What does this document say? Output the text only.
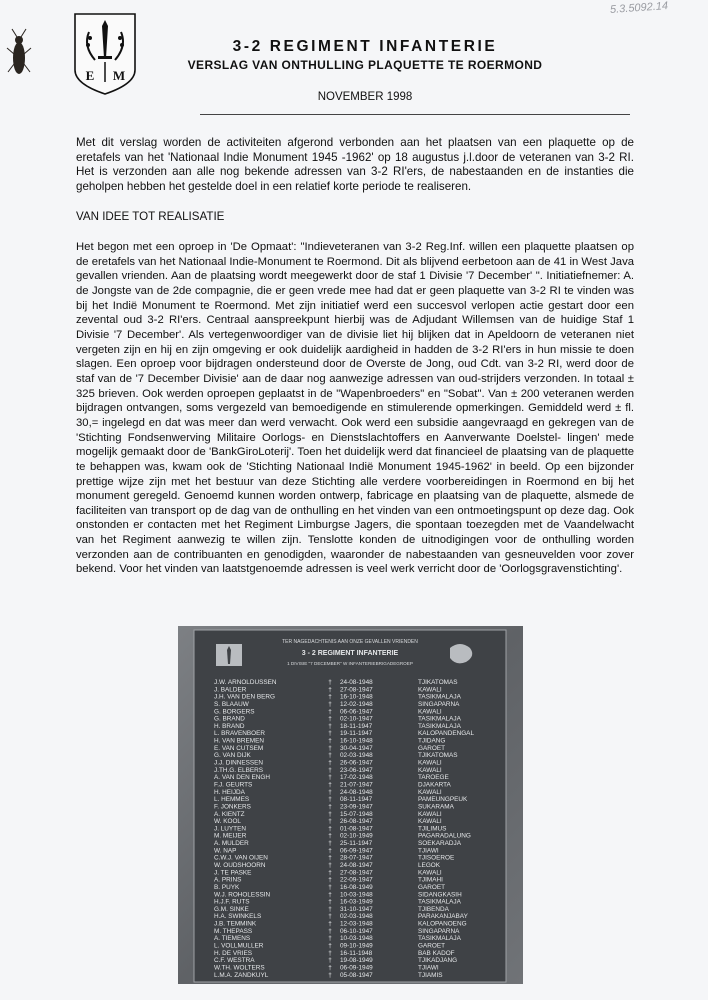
5.3.5092.14
E M
3-2 REGIMENT INFANTERIE
VERSLAG VAN ONTHULLING PLAQUETTE TE ROERMOND
NOVEMBER 1998

Met dit verslag worden de activiteiten afgerond verbonden aan het plaatsen van een plaquette op de eretafels van het 'Nationaal Indie Monument 1945 -1962' op 18 augustus j.l.door de veteranen van 3-2 RI. Het is verzonden aan alle nog bekende adressen van 3-2 RI'ers, de nabestaanden en de instanties die geholpen hebben het gestelde doel in een relatief korte periode te realiseren.

VAN IDEE TOT REALISATIE

Het begon met een oproep in 'De Opmaat': "Indieveteranen van 3-2 Reg.Inf. willen een plaquette plaatsen op de eretafels van het Nationaal Indie-Monument te Roermond. Dit als blijvend eerbetoon aan de 41 in West Java gevallen vrienden. Aan de plaatsing wordt meegewerkt door de staf 1 Divisie '7 December' ". Initiatiefnemer: A. de Jongste van de 2de compagnie, die er geen vrede mee had dat er geen plaquette van 3-2 RI te vinden was bij het Indië Monument te Roermond. Met zijn initiatief werd een succesvol verlopen actie gestart door een zevental oud 3-2 RI'ers. Centraal aanspreekpunt hierbij was de Adjudant Willemsen van de huidige Staf 1 Divisie '7 December'. Als vertegenwoordiger van de divisie liet hij blijken dat in Apeldoorn de veteranen niet vergeten zijn en hij en zijn omgeving er ook duidelijk aardigheid in hadden de 3-2 RI'ers in hun missie te doen slagen. Een oproep voor bijdragen ondersteund door de Overste de Jong, oud Cdt. van 3-2 RI, werd door de staf van de '7 December Divisie' aan de daar nog aanwezige adressen van oud-strijders verzonden. In totaal ± 325 brieven. Ook werden oproepen geplaatst in de "Wapenbroeders" en "Sobat". Van ± 200 veteranen werden bijdragen ontvangen, soms vergezeld van bemoedigende en stimulerende opmerkingen. Gemiddeld werd ± fl. 30,= ingelegd en dat was meer dan werd verwacht. Ook werd een subsidie aangevraagd en gekregen van de 'Stichting Fondsenwerving Militaire Oorlogs- en Dienstslachtoffers en Aanverwante Doelstel- lingen' mede mogelijk gemaakt door de 'BankGiroLoterij'. Toen het duidelijk werd dat financieel de plaatsing van de plaquette te behappen was, kwam ook de 'Stichting Nationaal Indië Monument 1945-1962' in beeld. Op een bijzonder prettige wijze zijn met het bestuur van deze Stichting alle verdere voorbereidingen in Roermond en bij het monument geregeld. Genoemd kunnen worden ontwerp, fabricage en plaatsing van de plaquette, alsmede de faciliteiten van transport op de dag van de onthulling en het vinden van een ontmoetingspunt op deze dag. Ook onstonden er contacten met het Regiment Limburgse Jagers, die spontaan toezegden met de Vaandelwacht van het Regiment aanwezig te willen zijn. Tenslotte konden de uitnodigingen voor de onthulling worden verzonden aan de contribuanten en genodigden, waaronder de nabestaanden van gesneuvelden voor zover bekend. Voor het vinden van laatstgenoemde adressen is veel werk verricht door de 'Oorlogsgravenstichting'.

TER NAGEDACHTENIS AAN ONZE GEVALLEN VRIENDEN
3 - 2 REGIMENT INFANTERIE
1 DIVISIE "7 DECEMBER" W INFANTERIEBRIGADEGROEP
J.W. ARNOLDUSSEN	† 24-08-1948	TJIKATOMAS
J. BALDER	† 27-08-1947	KAWALI
J.H. VAN DEN BERG	† 16-10-1948	TASIKMALAJA
S. BLAAUW	† 12-02-1948	SINGAPARNA
G. BORGERS	† 06-06-1947	KAWALI
G. BRAND	† 02-10-1947	TASIKMALAJA
H. BRAND	† 18-11-1947	TASIKMALAJA
L. BRAVENBOER	† 19-11-1947	KALOPANDENGAL
H. VAN BREMEN	† 16-10-1948	TJIDANG
E. VAN CUTSEM	† 30-04-1947	GAROET
G. VAN DIJK	† 02-03-1948	TJIKATOMAS
J.J. DINNESSEN	† 26-06-1947	KAWALI
J.TH.G. ELBERS	† 23-06-1947	KAWALI
A. VAN DEN ENGH	† 17-02-1948	TAROEGE
F.J. GEURTS	† 21-07-1947	DJAKARTA
H. HEIJDA	† 24-08-1948	KAWALI
L. HEMMES	† 08-11-1947	PAMEUNGPEUK
F. JONKERS	† 23-09-1947	SUKARAMA
A. KIENTZ	† 15-07-1948	KAWALI
W. KOOL	† 26-08-1947	KAWALI
J. LUYTEN	† 01-08-1947	TJILIMUS
M. MEIJER	† 02-10-1949	PAGARADALUNG
A. MULDER	† 25-11-1947	SOEKARADJA
W. NAP	† 06-09-1947	TJIAWI
C.W.J. VAN OIJEN	† 28-07-1947	TJISOEROE
W. OUDSHOORN	† 24-08-1947	LEGOK
J. TE PASKE	† 27-08-1947	KAWALI
A. PRINS	† 22-09-1947	TJIMAHI
B. PUYK	† 16-08-1949	GAROET
W.J. ROHOLESSIN	† 10-03-1948	SIDANGKASIH
H.J.F. RUTS	† 16-03-1949	TASIKMALAJA
G.M. SINKE	† 31-10-1947	TJIBENDA
H.A. SWINKELS	† 02-03-1948	PARAKANJABAY
J.B. TEMMINK	† 12-03-1948	KALOPANOENG
M. THEPASS	† 06-10-1947	SINGAPARNA
A. TIEMENS	† 10-03-1948	TASIKMALAJA
L. VOLLMULLER	† 09-10-1949	GAROET
H. DE VRIES	† 16-11-1948	BAB KADOF
C.F. WESTRA	† 19-08-1949	TJIKADJANG
W.TH. WOLTERS	† 06-09-1949	TJIAWI
L.M.A. ZANDKUYL	† 05-08-1947	TJIAMIS
